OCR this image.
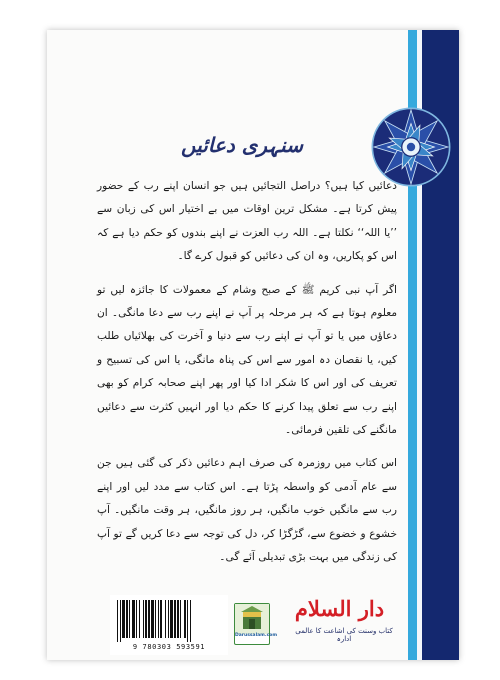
سنہری دعائیں

دعائیں کیا ہیں؟ دراصل التجائیں ہیں جو انسان اپنے رب کے حضور پیش کرتا ہے۔ مشکل ترین اوقات میں بے اختیار اس کی زبان سے ’’یا اللہ‘‘ نکلتا ہے۔ اللہ رب العزت نے اپنے بندوں کو حکم دیا ہے کہ اس کو پکاریں، وہ ان کی دعائیں کو قبول کرے گا۔

اگر آپ نبی کریم ﷺ کے صبح وشام کے معمولات کا جائزہ لیں تو معلوم ہوتا ہے کہ ہر مرحلہ پر آپ نے اپنے رب سے دعا مانگی۔ ان دعاؤں میں یا تو آپ نے اپنے رب سے دنیا و آخرت کی بھلائیاں طلب کیں، یا نقصان دہ امور سے اس کی پناہ مانگی، یا اس کی تسبیح و تعریف کی اور اس کا شکر ادا کیا اور پھر اپنے صحابہ کرام کو بھی اپنے رب سے تعلق پیدا کرنے کا حکم دیا اور انہیں کثرت سے دعائیں مانگنے کی تلقین فرمائی۔

اس کتاب میں روزمرہ کی صرف اہم دعائیں ذکر کی گئی ہیں جن سے عام آدمی کو واسطہ پڑتا ہے۔ اس کتاب سے مدد لیں اور اپنے رب سے مانگیں خوب مانگیں، ہر روز مانگیں، ہر وقت مانگیں۔ آپ خشوع و خضوع سے، گڑگڑا کر، دل کی توجہ سے دعا کریں گے تو آپ کی زندگی میں بہت بڑی تبدیلی آئے گی۔

9 780303 593591
Darussalam.com
دار السلام
کتاب وسنت کی اشاعت کا عالمی ادارہ
